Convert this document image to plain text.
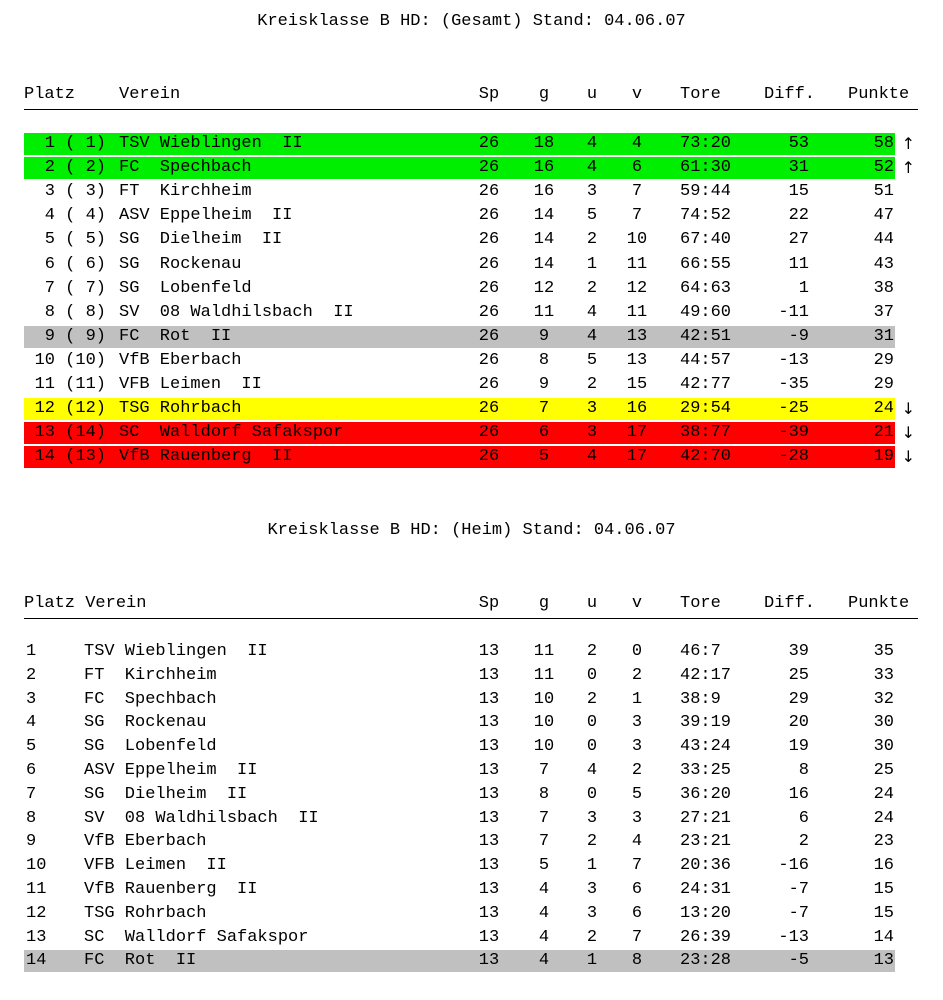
Kreisklasse B HD: (Gesamt) Stand: 04.06.07
Platz	Verein	Sp	g	u	v	Tore	Diff. Punkte
1 ( 1) TSV Wieblingen  II	26 18	4	4	73:20	53	58 ↑
2 ( 2) FC  Spechbach	26 16	4	6	61:30	31	52 ↑
3 ( 3) FT  Kirchheim	26 16	3	7	59:44	15	51
4 ( 4) ASV Eppelheim  II	26 14	5	7	74:52	22	47
5 ( 5) SG  Dielheim  II	26 14	2	10 67:40	27	44
6 ( 6) SG  Rockenau	26 14	1	11 66:55	11	43
7 ( 7) SG  Lobenfeld	26 12	2	12 64:63	1	38
8 ( 8) SV  08 Waldhilsbach  II	26 11	4	11 49:60	-11	37
9 ( 9) FC  Rot  II	26	9	4	13 42:51	-9	31
10 (10) VfB Eberbach	26	8	5	13 44:57	-13	29
11 (11) VFB Leimen  II	26	9	2	15 42:77	-35	29
12 (12) TSG Rohrbach	26	7	3	16 29:54	-25	24 ↓
13 (14) SC  Walldorf Safakspor	26	6	3	17 38:77	-39	21 ↓
14 (13) VfB Rauenberg  II	26	5	4	17 42:70	-28	19 ↓
Kreisklasse B HD: (Heim) Stand: 04.06.07
Platz Verein	Sp	g	u	v	Tore	Diff. Punkte
1	TSV Wieblingen  II	13 11	2	0	46:7	39	35
2	FT  Kirchheim	13 11	0	2	42:17	25	33
3	FC  Spechbach	13 10	2	1	38:9	29	32
4	SG  Rockenau	13 10	0	3	39:19	20	30
5	SG  Lobenfeld	13 10	0	3	43:24	19	30
6	ASV Eppelheim  II	13	7	4	2	33:25	8	25
7	SG  Dielheim  II	13	8	0	5	36:20	16	24
8	SV  08 Waldhilsbach  II	13	7	3	3	27:21	6	24
9	VfB Eberbach	13	7	2	4	23:21	2	23
10 VFB Leimen  II	13	5	1	7	20:36	-16	16
11 VfB Rauenberg  II	13	4	3	6	24:31	-7	15
12 TSG Rohrbach	13	4	3	6	13:20	-7	15
13 SC  Walldorf Safakspor	13	4	2	7	26:39	-13	14
14 FC  Rot  II	13	4	1	8	23:28	-5	13
